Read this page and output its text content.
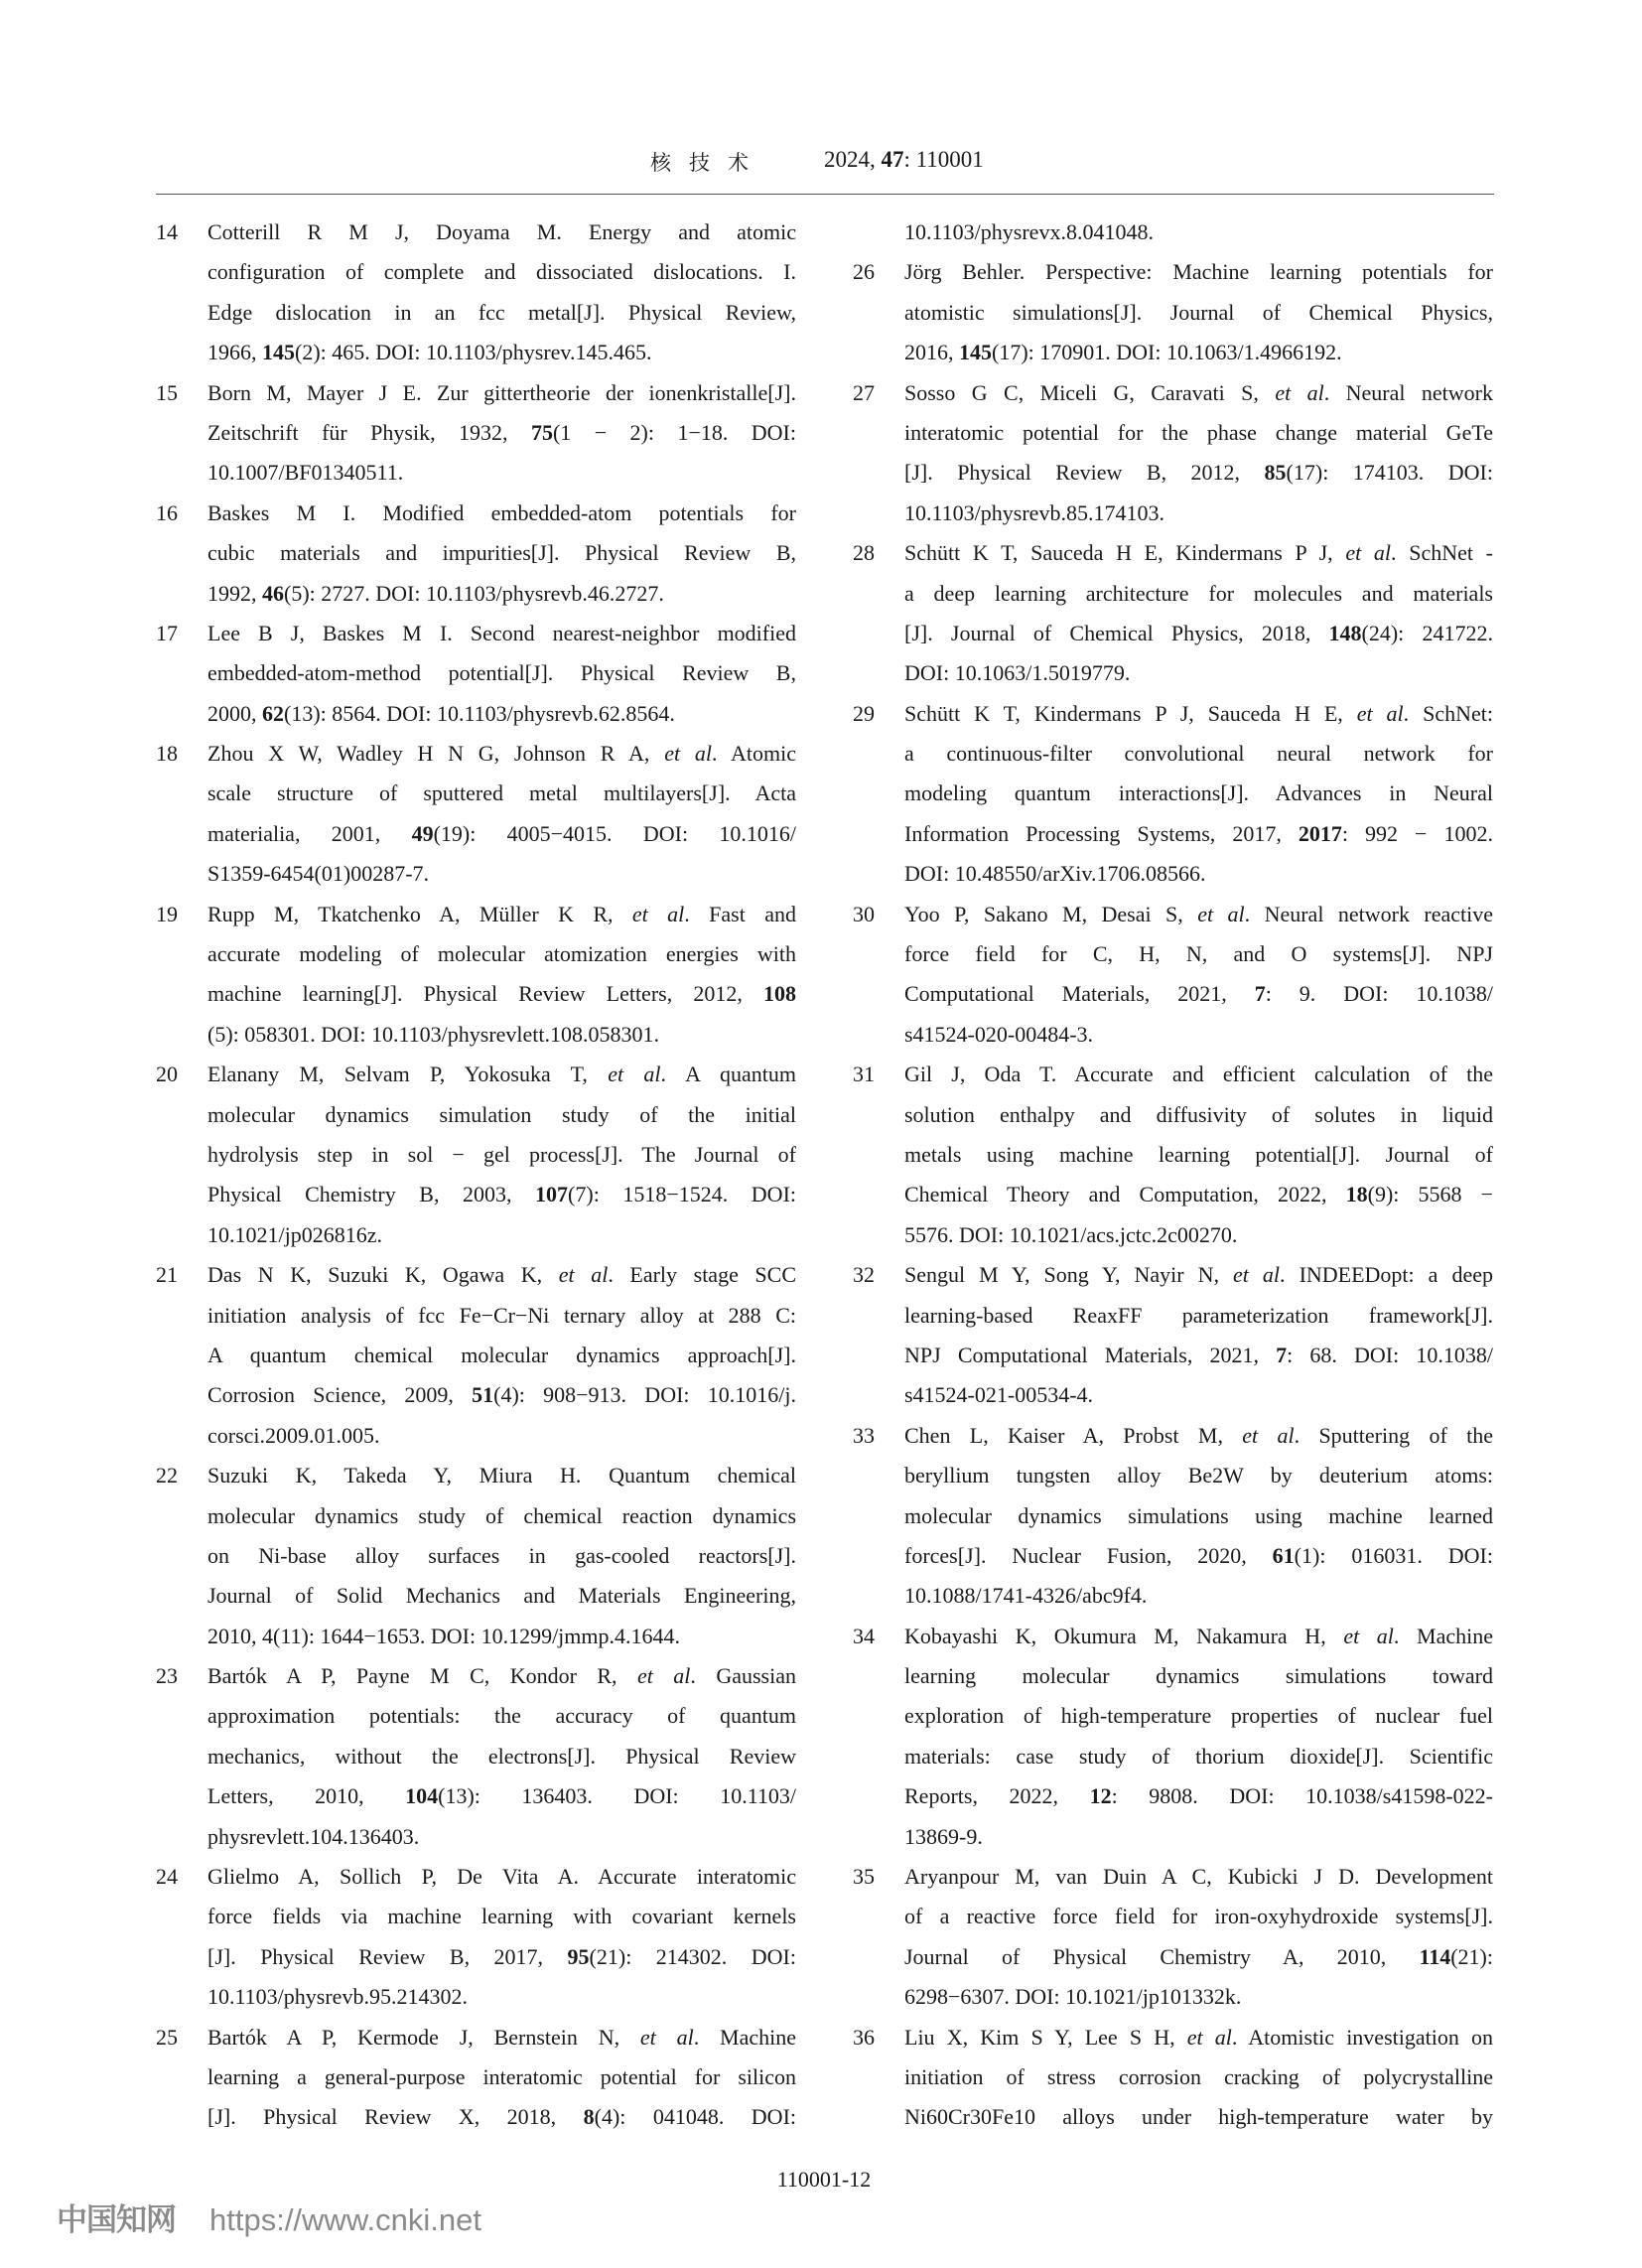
核技术	2024, 47: 110001
14 Cotterill R M J, Doyama M. Energy and atomic
configuration of complete and dissociated dislocations. I.
Edge dislocation in an fcc metal[J]. Physical Review,
1966, 145(2): 465. DOI: 10.1103/physrev.145.465.
15 Born M, Mayer J E. Zur gittertheorie der ionenkristalle[J].
Zeitschrift für Physik, 1932, 75(1 − 2): 1−18. DOI:
10.1007/BF01340511.
16 Baskes M I. Modified embedded-atom potentials for
cubic materials and impurities[J]. Physical Review B,
1992, 46(5): 2727. DOI: 10.1103/physrevb.46.2727.
17 Lee B J, Baskes M I. Second nearest-neighbor modified
embedded-atom-method potential[J]. Physical Review B,
2000, 62(13): 8564. DOI: 10.1103/physrevb.62.8564.
18 Zhou X W, Wadley H N G, Johnson R A, et al. Atomic
scale structure of sputtered metal multilayers[J]. Acta
materialia, 2001, 49(19): 4005−4015. DOI: 10.1016/
S1359-6454(01)00287-7.
19 Rupp M, Tkatchenko A, Müller K R, et al. Fast and
accurate modeling of molecular atomization energies with
machine learning[J]. Physical Review Letters, 2012, 108
(5): 058301. DOI: 10.1103/physrevlett.108.058301.
20 Elanany M, Selvam P, Yokosuka T, et al. A quantum
molecular dynamics simulation study of the initial
hydrolysis step in sol − gel process[J]. The Journal of
Physical Chemistry B, 2003, 107(7): 1518−1524. DOI:
10.1021/jp026816z.
21 Das N K, Suzuki K, Ogawa K, et al. Early stage SCC
initiation analysis of fcc Fe−Cr−Ni ternary alloy at 288 C:
A quantum chemical molecular dynamics approach[J].
Corrosion Science, 2009, 51(4): 908−913. DOI: 10.1016/j.
corsci.2009.01.005.
22 Suzuki K, Takeda Y, Miura H. Quantum chemical
molecular dynamics study of chemical reaction dynamics
on Ni-base alloy surfaces in gas-cooled reactors[J].
Journal of Solid Mechanics and Materials Engineering,
2010, 4(11): 1644−1653. DOI: 10.1299/jmmp.4.1644.
23 Bartók A P, Payne M C, Kondor R, et al. Gaussian
approximation potentials: the accuracy of quantum
mechanics, without the electrons[J]. Physical Review
Letters, 2010, 104(13): 136403. DOI: 10.1103/
physrevlett.104.136403.
24 Glielmo A, Sollich P, De Vita A. Accurate interatomic
force fields via machine learning with covariant kernels
[J]. Physical Review B, 2017, 95(21): 214302. DOI:
10.1103/physrevb.95.214302.
25 Bartók A P, Kermode J, Bernstein N, et al. Machine
learning a general-purpose interatomic potential for silicon
[J]. Physical Review X, 2018, 8(4): 041048. DOI:
10.1103/physrevx.8.041048.
26 Jörg Behler. Perspective: Machine learning potentials for
atomistic simulations[J]. Journal of Chemical Physics,
2016, 145(17): 170901. DOI: 10.1063/1.4966192.
27 Sosso G C, Miceli G, Caravati S, et al. Neural network
interatomic potential for the phase change material GeTe
[J]. Physical Review B, 2012, 85(17): 174103. DOI:
10.1103/physrevb.85.174103.
28 Schütt K T, Sauceda H E, Kindermans P J, et al. SchNet -
a deep learning architecture for molecules and materials
[J]. Journal of Chemical Physics, 2018, 148(24): 241722.
DOI: 10.1063/1.5019779.
29 Schütt K T, Kindermans P J, Sauceda H E, et al. SchNet:
a continuous-filter convolutional neural network for
modeling quantum interactions[J]. Advances in Neural
Information Processing Systems, 2017, 2017: 992 − 1002.
DOI: 10.48550/arXiv.1706.08566.
30 Yoo P, Sakano M, Desai S, et al. Neural network reactive
force field for C, H, N, and O systems[J]. NPJ
Computational Materials, 2021, 7: 9. DOI: 10.1038/
s41524-020-00484-3.
31 Gil J, Oda T. Accurate and efficient calculation of the
solution enthalpy and diffusivity of solutes in liquid
metals using machine learning potential[J]. Journal of
Chemical Theory and Computation, 2022, 18(9): 5568 −
5576. DOI: 10.1021/acs.jctc.2c00270.
32 Sengul M Y, Song Y, Nayir N, et al. INDEEDopt: a deep
learning-based ReaxFF parameterization framework[J].
NPJ Computational Materials, 2021, 7: 68. DOI: 10.1038/
s41524-021-00534-4.
33 Chen L, Kaiser A, Probst M, et al. Sputtering of the
beryllium tungsten alloy Be2W by deuterium atoms:
molecular dynamics simulations using machine learned
forces[J]. Nuclear Fusion, 2020, 61(1): 016031. DOI:
10.1088/1741-4326/abc9f4.
34 Kobayashi K, Okumura M, Nakamura H, et al. Machine
learning molecular dynamics simulations toward
exploration of high-temperature properties of nuclear fuel
materials: case study of thorium dioxide[J]. Scientific
Reports, 2022, 12: 9808. DOI: 10.1038/s41598-022-
13869-9.
35 Aryanpour M, van Duin A C, Kubicki J D. Development
of a reactive force field for iron-oxyhydroxide systems[J].
Journal of Physical Chemistry A, 2010, 114(21):
6298−6307. DOI: 10.1021/jp101332k.
36 Liu X, Kim S Y, Lee S H, et al. Atomistic investigation on
initiation of stress corrosion cracking of polycrystalline
Ni60Cr30Fe10 alloys under high-temperature water by
110001-12
中国知网 https://www.cnki.net
